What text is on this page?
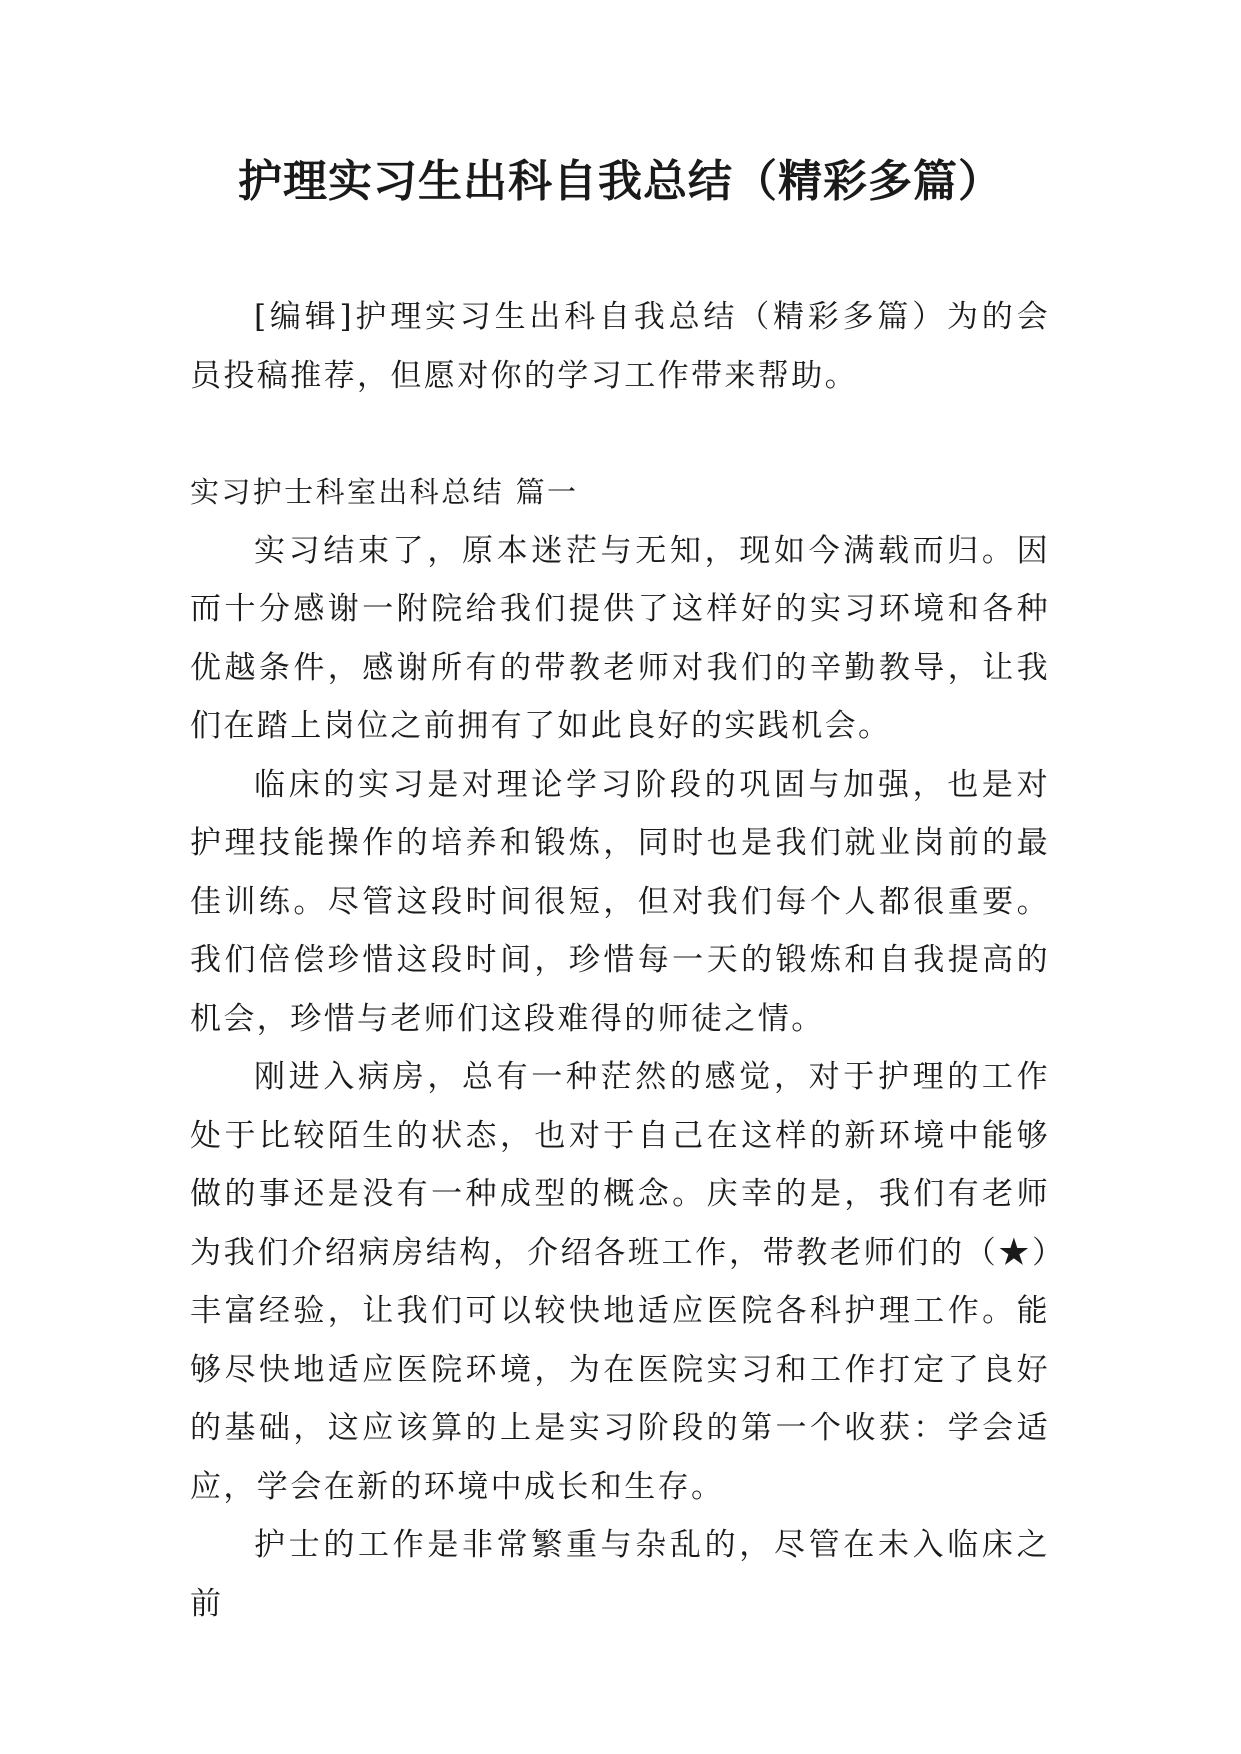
护理实习生出科自我总结（精彩多篇）

[编辑]护理实习生出科自我总结（精彩多篇）为的会员投稿推荐，但愿对你的学习工作带来帮助。

实习护士科室出科总结 篇一

实习结束了，原本迷茫与无知，现如今满载而归。因而十分感谢一附院给我们提供了这样好的实习环境和各种优越条件，感谢所有的带教老师对我们的辛勤教导，让我们在踏上岗位之前拥有了如此良好的实践机会。

临床的实习是对理论学习阶段的巩固与加强，也是对护理技能操作的培养和锻炼，同时也是我们就业岗前的最佳训练。尽管这段时间很短，但对我们每个人都很重要。我们倍偿珍惜这段时间，珍惜每一天的锻炼和自我提高的机会，珍惜与老师们这段难得的师徒之情。

刚进入病房，总有一种茫然的感觉，对于护理的工作处于比较陌生的状态，也对于自己在这样的新环境中能够做的事还是没有一种成型的概念。庆幸的是，我们有老师为我们介绍病房结构，介绍各班工作，带教老师们的（★）丰富经验，让我们可以较快地适应医院各科护理工作。能够尽快地适应医院环境，为在医院实习和工作打定了良好的基础，这应该算的上是实习阶段的第一个收获：学会适应，学会在新的环境中成长和生存。

护士的工作是非常繁重与杂乱的，尽管在未入临床之前
